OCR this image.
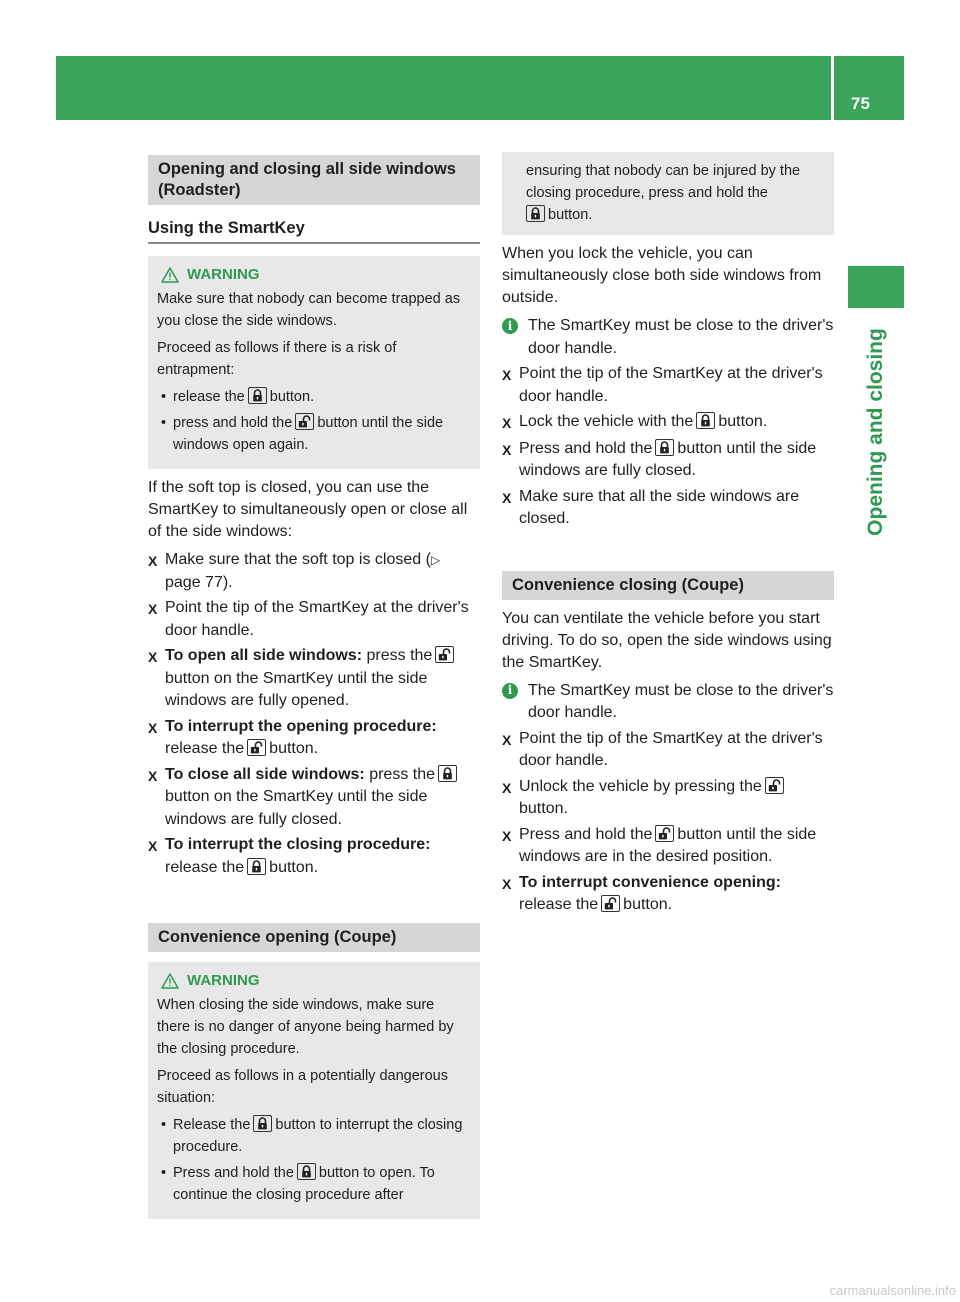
Side windows
75
Opening and closing
Opening and closing all side windows (Roadster)
Using the SmartKey
WARNING

Make sure that nobody can become trapped as you close the side windows.

Proceed as follows if there is a risk of entrapment:

• release the button.
• press and hold the button until the side windows open again.
If the soft top is closed, you can use the SmartKey to simultaneously open or close all of the side windows:
X Make sure that the soft top is closed (▷ page 77).
X Point the tip of the SmartKey at the driver's door handle.
X To open all side windows: press the
button on the SmartKey until the side windows are fully opened.
X To interrupt the opening procedure: release the button.
X To close all side windows: press the
button on the SmartKey until the side windows are fully closed.
X To interrupt the closing procedure: release the button.
Convenience opening (Coupe)
WARNING

When closing the side windows, make sure there is no danger of anyone being harmed by the closing procedure.

Proceed as follows in a potentially dangerous situation:

• Release the button to interrupt the closing procedure.
• Press and hold the button to open. To continue the closing procedure after
ensuring that nobody can be injured by the closing procedure, press and hold the

button.
When you lock the vehicle, you can simultaneously close both side windows from outside.
i The SmartKey must be close to the driver's door handle.
X Point the tip of the SmartKey at the driver's door handle.
X Lock the vehicle with the button.
X Press and hold the button until the side windows are fully closed.
X Make sure that all the side windows are closed.
Convenience closing (Coupe)
You can ventilate the vehicle before you start driving. To do so, open the side windows using the SmartKey.
i The SmartKey must be close to the driver's door handle.
X Point the tip of the SmartKey at the driver's door handle.
X Unlock the vehicle by pressing the

button.
X Press and hold the button until the side windows are in the desired position.
X To interrupt convenience opening:
release the button.
carmanualsonline.info
